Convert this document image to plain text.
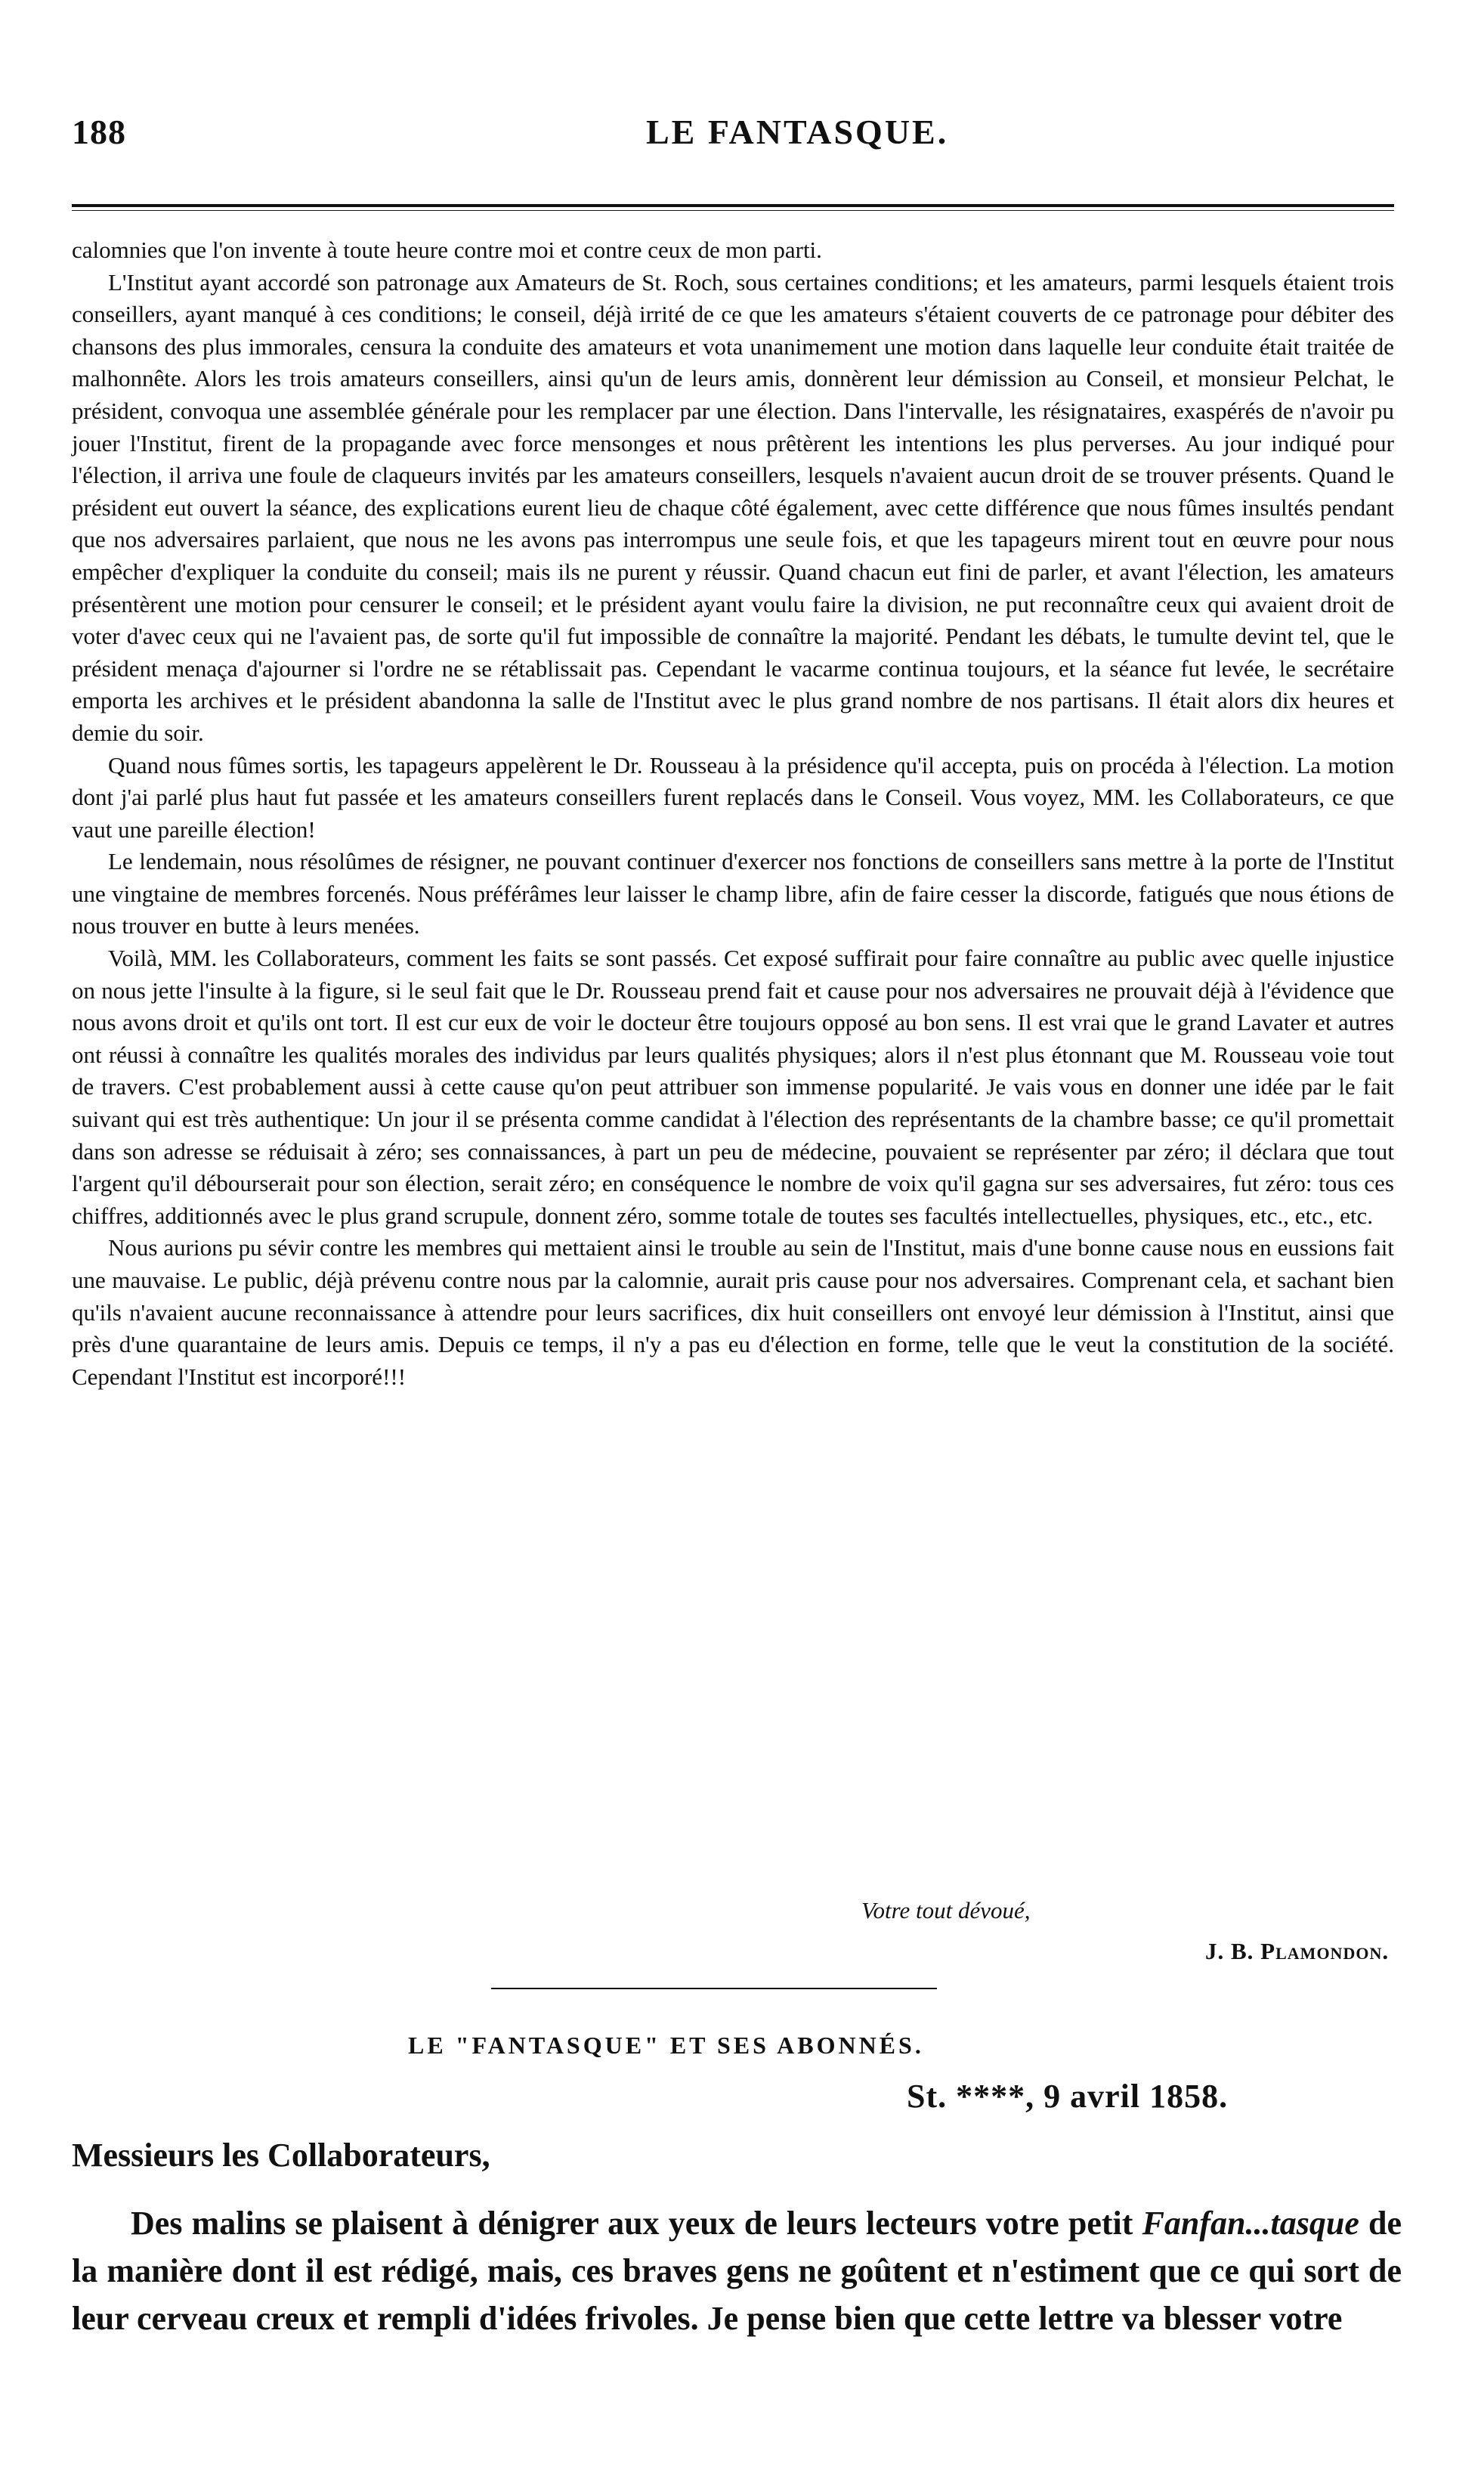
188	LE FANTASQUE.

calomnies que l'on invente à toute heure contre moi et contre ceux de mon parti.

L'Institut ayant accordé son patronage aux Amateurs de St. Roch, sous certaines conditions; et les amateurs, parmi lesquels étaient trois conseillers, ayant manqué à ces conditions; le conseil, déjà irrité de ce que les amateurs s'étaient couverts de ce patronage pour débiter des chansons des plus immorales, censura la conduite des amateurs et vota unanimement une motion dans laquelle leur conduite était traitée de malhonnête. Alors les trois amateurs conseillers, ainsi qu'un de leurs amis, donnèrent leur démission au Conseil, et monsieur Pelchat, le président, convoqua une assemblée générale pour les remplacer par une élection. Dans l'intervalle, les résignataires, exaspérés de n'avoir pu jouer l'Institut, firent de la propagande avec force mensonges et nous prêtèrent les intentions les plus perverses. Au jour indiqué pour l'élection, il arriva une foule de claqueurs invités par les amateurs conseillers, lesquels n'avaient aucun droit de se trouver présents. Quand le président eut ouvert la séance, des explications eurent lieu de chaque côté également, avec cette différence que nous fûmes insultés pendant que nos adversaires parlaient, que nous ne les avons pas interrompus une seule fois, et que les tapageurs mirent tout en œuvre pour nous empêcher d'expliquer la conduite du conseil; mais ils ne purent y réussir. Quand chacun eut fini de parler, et avant l'élection, les amateurs présentèrent une motion pour censurer le conseil; et le président ayant voulu faire la division, ne put reconnaître ceux qui avaient droit de voter d'avec ceux qui ne l'avaient pas, de sorte qu'il fut impossible de connaître la majorité. Pendant les débats, le tumulte devint tel, que le président menaça d'ajourner si l'ordre ne se rétablissait pas. Cependant le vacarme continua toujours, et la séance fut levée, le secrétaire emporta les archives et le président abandonna la salle de l'Institut avec le plus grand nombre de nos partisans. Il était alors dix heures et demie du soir.

Quand nous fûmes sortis, les tapageurs appelèrent le Dr. Rousseau à la présidence qu'il accepta, puis on procéda à l'élection. La motion dont j'ai parlé plus haut fut passée et les amateurs conseillers furent replacés dans le Conseil. Vous voyez, MM. les Collaborateurs, ce que vaut une pareille élection!

Le lendemain, nous résolûmes de résigner, ne pouvant continuer d'exercer nos fonctions de conseillers sans mettre à la porte de l'Institut une vingtaine de membres forcenés. Nous préférâmes leur laisser le champ libre, afin de faire cesser la discorde, fatigués que nous étions de nous trouver en butte à leurs menées.

Voilà, MM. les Collaborateurs, comment les faits se sont passés. Cet exposé suffirait pour faire connaître au public avec quelle injustice on nous jette l'insulte à la figure, si le seul fait que le Dr. Rousseau prend fait et cause pour nos adversaires ne prouvait déjà à l'évidence que nous avons droit et qu'ils ont tort. Il est cur eux de voir le docteur être toujours opposé au bon sens. Il est vrai que le grand Lavater et autres ont réussi à connaître les qualités morales des individus par leurs qualités physiques; alors il n'est plus étonnant que M. Rousseau voie tout de travers. C'est probablement aussi à cette cause qu'on peut attribuer son immense popularité. Je vais vous en donner une idée par le fait suivant qui est très authentique: Un jour il se présenta comme candidat à l'élection des représentants de la chambre basse; ce qu'il promettait dans son adresse se réduisait à zéro; ses connaissances, à part un peu de médecine, pouvaient se représenter par zéro; il déclara que tout l'argent qu'il débourserait pour son élection, serait zéro; en conséquence le nombre de voix qu'il gagna sur ses adversaires, fut zéro: tous ces chiffres, additionnés avec le plus grand scrupule, donnent zéro, somme totale de toutes ses facultés intellectuelles, physiques, etc., etc., etc.

Nous aurions pu sévir contre les membres qui mettaient ainsi le trouble au sein de l'Institut, mais d'une bonne cause nous en eussions fait une mauvaise. Le public, déjà prévenu contre nous par la calomnie, aurait pris cause pour nos adversaires. Comprenant cela, et sachant bien qu'ils n'avaient aucune reconnaissance à attendre pour leurs sacrifices, dix huit conseillers ont envoyé leur démission à l'Institut, ainsi que près d'une quarantaine de leurs amis. Depuis ce temps, il n'y a pas eu d'élection en forme, telle que le veut la constitution de la société. Cependant l'Institut est incorporé!!!

Votre tout dévoué,
J. B. Plamondon.
LE "FANTASQUE" ET SES ABONNÉS.
St. ****, 9 avril 1858.
Messieurs les Collaborateurs,

Des malins se plaisent à dénigrer aux yeux de leurs lecteurs votre petit Fanfan...tasque de la manière dont il est rédigé, mais, ces braves gens ne goûtent et n'estiment que ce qui sort de leur cerveau creux et rempli d'idées frivoles. Je pense bien que cette lettre va blesser votre
